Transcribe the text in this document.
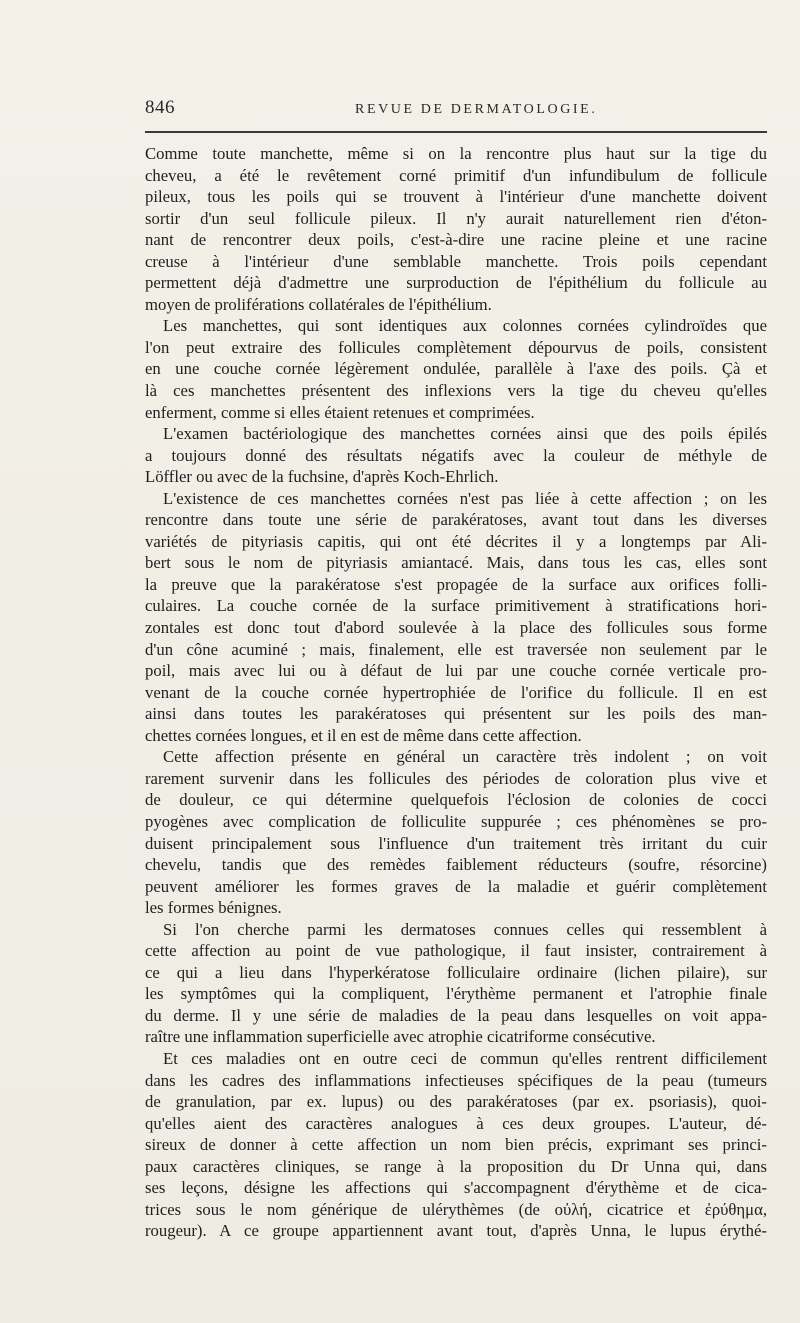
846	REVUE DE DERMATOLOGIE.
Comme toute manchette, même si on la rencontre plus haut sur la tige du
cheveu, a été le revêtement corné primitif d'un infundibulum de follicule
pileux, tous les poils qui se trouvent à l'intérieur d'une manchette doivent
sortir d'un seul follicule pileux. Il n'y aurait naturellement rien d'éton-
nant de rencontrer deux poils, c'est-à-dire une racine pleine et une racine
creuse à l'intérieur d'une semblable manchette. Trois poils cependant
permettent déjà d'admettre une surproduction de l'épithélium du follicule au
moyen de proliférations collatérales de l'épithélium.
Les manchettes, qui sont identiques aux colonnes cornées cylindroïdes que
l'on peut extraire des follicules complètement dépourvus de poils, consistent
en une couche cornée légèrement ondulée, parallèle à l'axe des poils. Çà et
là ces manchettes présentent des inflexions vers la tige du cheveu qu'elles
enferment, comme si elles étaient retenues et comprimées.
L'examen bactériologique des manchettes cornées ainsi que des poils épilés
a toujours donné des résultats négatifs avec la couleur de méthyle de
Löffler ou avec de la fuchsine, d'après Koch-Ehrlich.
L'existence de ces manchettes cornées n'est pas liée à cette affection ; on les
rencontre dans toute une série de parakératoses, avant tout dans les diverses
variétés de pityriasis capitis, qui ont été décrites il y a longtemps par Ali-
bert sous le nom de pityriasis amiantacé. Mais, dans tous les cas, elles sont
la preuve que la parakératose s'est propagée de la surface aux orifices folli-
culaires. La couche cornée de la surface primitivement à stratifications hori-
zontales est donc tout d'abord soulevée à la place des follicules sous forme
d'un cône acuminé ; mais, finalement, elle est traversée non seulement par le
poil, mais avec lui ou à défaut de lui par une couche cornée verticale pro-
venant de la couche cornée hypertrophiée de l'orifice du follicule. Il en est
ainsi dans toutes les parakératoses qui présentent sur les poils des man-
chettes cornées longues, et il en est de même dans cette affection.
Cette affection présente en général un caractère très indolent ; on voit
rarement survenir dans les follicules des périodes de coloration plus vive et
de douleur, ce qui détermine quelquefois l'éclosion de colonies de cocci
pyogènes avec complication de folliculite suppurée ; ces phénomènes se pro-
duisent principalement sous l'influence d'un traitement très irritant du cuir
chevelu, tandis que des remèdes faiblement réducteurs (soufre, résorcine)
peuvent améliorer les formes graves de la maladie et guérir complètement
les formes bénignes.
Si l'on cherche parmi les dermatoses connues celles qui ressemblent à
cette affection au point de vue pathologique, il faut insister, contrairement à
ce qui a lieu dans l'hyperkératose folliculaire ordinaire (lichen pilaire), sur
les symptômes qui la compliquent, l'érythème permanent et l'atrophie finale
du derme. Il y une série de maladies de la peau dans lesquelles on voit appa-
raître une inflammation superficielle avec atrophie cicatriforme consécutive.
Et ces maladies ont en outre ceci de commun qu'elles rentrent difficilement
dans les cadres des inflammations infectieuses spécifiques de la peau (tumeurs
de granulation, par ex. lupus) ou des parakératoses (par ex. psoriasis), quoi-
qu'elles aient des caractères analogues à ces deux groupes. L'auteur, dé-
sireux de donner à cette affection un nom bien précis, exprimant ses princi-
paux caractères cliniques, se range à la proposition du Dr Unna qui, dans
ses leçons, désigne les affections qui s'accompagnent d'érythème et de cica-
trices sous le nom générique de ulérythèmes (de οὐλή, cicatrice et ἐρύθημα,
rougeur). A ce groupe appartiennent avant tout, d'après Unna, le lupus érythé-
